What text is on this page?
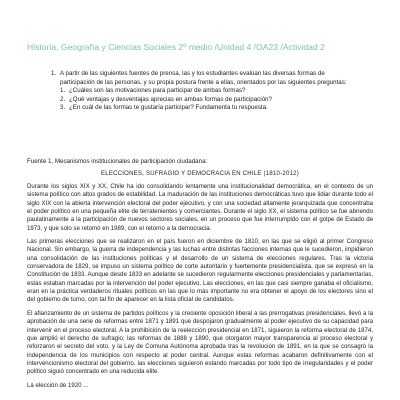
Historia, Geografía y Ciencias Sociales 2º medio /Unidad 4 /OA23 /Actividad 2
1. A partir de las siguientes fuentes de prensa, las y los estudiantes evalúan las diversas formas de participación de las personas, y su propia postura frente a ellas, orientados por las siguientes preguntas:

1. ¿Cuáles son las motivaciones para participar de ambas formas?
2. ¿Qué ventajas y desventajas aprecias en ambas formas de participación?
3. ¿En cuál de las formas te gustaría participar? Fundamenta tu respuesta.
Fuente 1, Mecanismos institucionales de participación ciudadana:
ELECCIONES, SUFRAGIO Y DEMOCRACIA EN CHILE (1810-2012)

Durante los siglos XIX y XX, Chile ha ido consolidando lentamente una institucionalidad democrática, en el contexto de un sistema político con altos grados de estabilidad. La maduración de las instituciones democráticas tuvo que lidiar durante todo el siglo XIX con la abierta intervención electoral del poder ejecutivo, y con una sociedad altamente jerarquizada que concentraba el poder político en una pequeña elite de terratenientes y comerciantes. Durante el siglo XX, el sistema político se fue abriendo paulatinamente a la participación de nuevos sectores sociales, en un proceso que fue interrumpido con el golpe de Estado de 1973, y que solo se retomó en 1989, con el retorno a la democracia.

Las primeras elecciones que se realizaron en el país fueron en diciembre de 1810, en las que se eligió al primer Congreso Nacional. Sin embargo, la guerra de independencia y las luchas entre distintas facciones internas que le sucedieron, impidieron una consolidación de las instituciones políticas y el desarrollo de un sistema de elecciones regulares. Tras la victoria conservadora de 1829, se impuso un sistema político de corte autoritario y fuertemente presidencialista, que se expresó en la Constitución de 1833. Aunque desde 1833 en adelante se sucedieron regularmente elecciones presidenciales y parlamentarias, estas estaban marcadas por la intervención del poder ejecutivo. Las elecciones, en las que casi siempre ganaba el oficialismo, eran en la práctica verdaderos rituales políticos en las que lo más importante no era obtener el apoyo de los electores sino el del gobierno de turno, con tal fin de aparecer en la lista oficial de candidatos.

El afianzamiento de un sistema de partidos políticos y la creciente oposición liberal a las prerrogativas presidenciales, llevó a la aprobación de una serie de reformas entre 1871 y 1891 que despojaron gradualmente al poder ejecutivo de su capacidad para intervenir en el proceso electoral. A la prohibición de la reelección presidencial en 1871, siguieron la reforma electoral de 1874, que amplió el derecho de sufragio; las reformas de 1888 y 1890, que otorgaron mayor transparencia al proceso electoral y reforzaron el secreto del voto, y la Ley de Comuna Autónoma aprobada tras la revolución de 1891, en la que se consagró la independencia de los municipios con respecto al poder central. Aunque estas reformas acabaron definitivamente con el intervencionismo electoral del gobierno, las elecciones siguieron estando marcadas por todo tipo de irregularidades y el poder político siguió concentrado en una reducida elite.

La elección de 1920 ...
